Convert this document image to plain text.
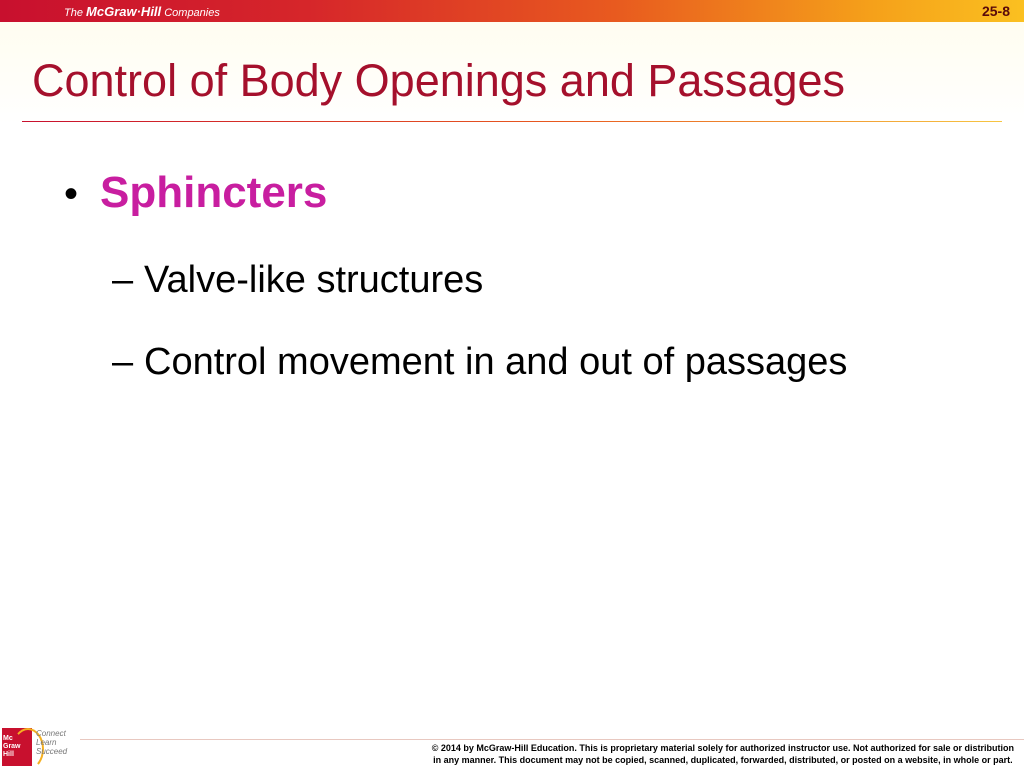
The McGraw·Hill Companies	25-8
Control of Body Openings and Passages
• Sphincters
– Valve-like structures
– Control movement in and out of passages
Mc
Graw
Hill
Connect
Learn
Succeed	© 2014 by McGraw-Hill Education. This is proprietary material solely for authorized instructor use. Not authorized for sale or distribution
in any manner. This document may not be copied, scanned, duplicated, forwarded, distributed, or posted on a website, in whole or part.
